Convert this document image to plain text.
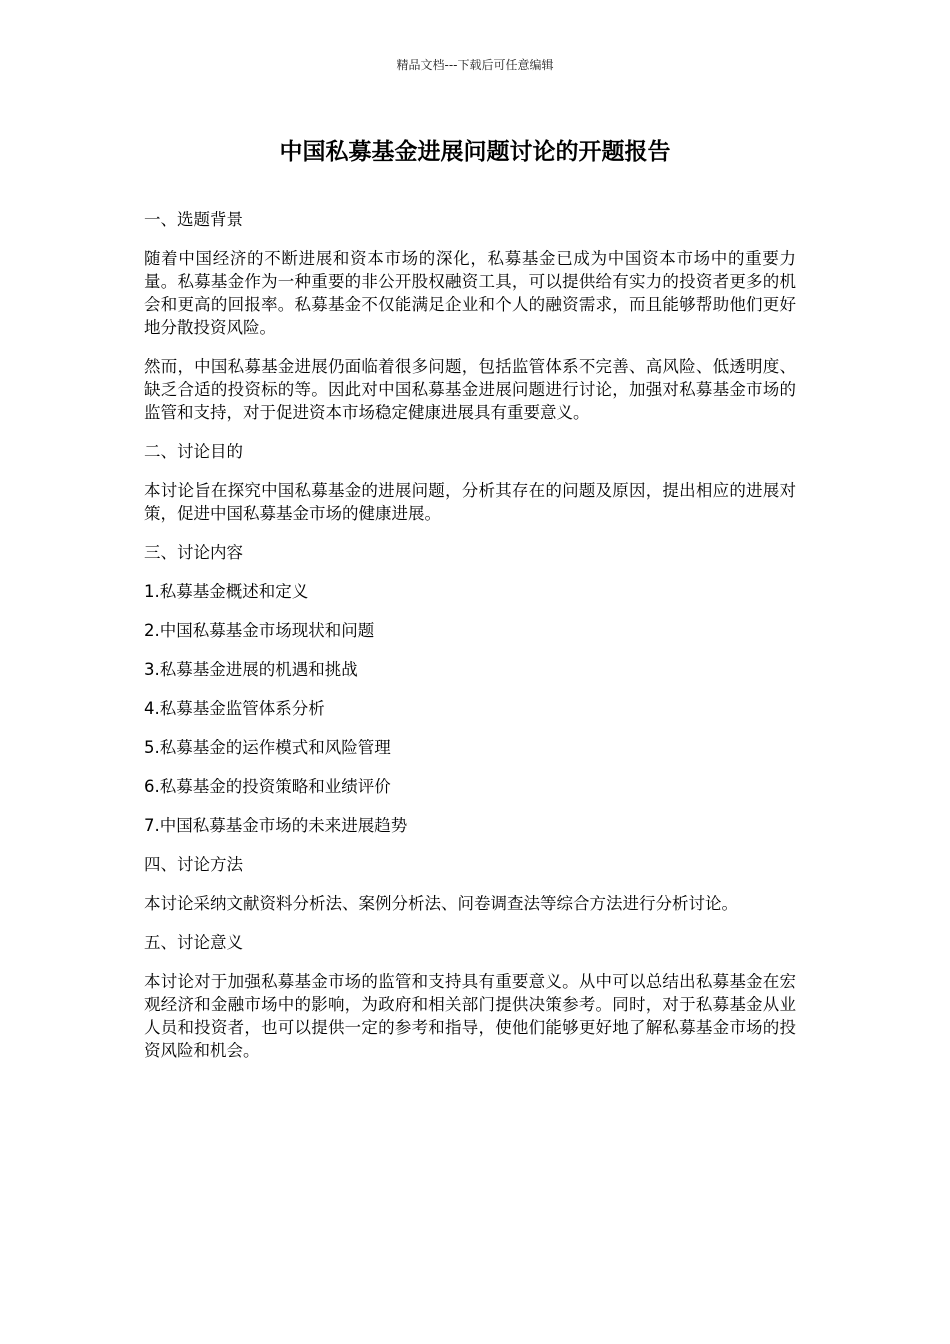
精品文档---下载后可任意编辑
中国私募基金进展问题讨论的开题报告
一、选题背景

随着中国经济的不断进展和资本市场的深化，私募基金已成为中国资本市场中的重要力量。私募基金作为一种重要的非公开股权融资工具，可以提供给有实力的投资者更多的机会和更高的回报率。私募基金不仅能满足企业和个人的融资需求，而且能够帮助他们更好地分散投资风险。

然而，中国私募基金进展仍面临着很多问题，包括监管体系不完善、高风险、低透明度、缺乏合适的投资标的等。因此对中国私募基金进展问题进行讨论，加强对私募基金市场的监管和支持，对于促进资本市场稳定健康进展具有重要意义。

二、讨论目的

本讨论旨在探究中国私募基金的进展问题，分析其存在的问题及原因，提出相应的进展对策，促进中国私募基金市场的健康进展。

三、讨论内容
1.私募基金概述和定义
2.中国私募基金市场现状和问题
3.私募基金进展的机遇和挑战
4.私募基金监管体系分析
5.私募基金的运作模式和风险管理
6.私募基金的投资策略和业绩评价
7.中国私募基金市场的未来进展趋势
四、讨论方法

本讨论采纳文献资料分析法、案例分析法、问卷调查法等综合方法进行分析讨论。

五、讨论意义

本讨论对于加强私募基金市场的监管和支持具有重要意义。从中可以总结出私募基金在宏观经济和金融市场中的影响，为政府和相关部门提供决策参考。同时，对于私募基金从业人员和投资者，也可以提供一定的参考和指导，使他们能够更好地了解私募基金市场的投资风险和机会。
